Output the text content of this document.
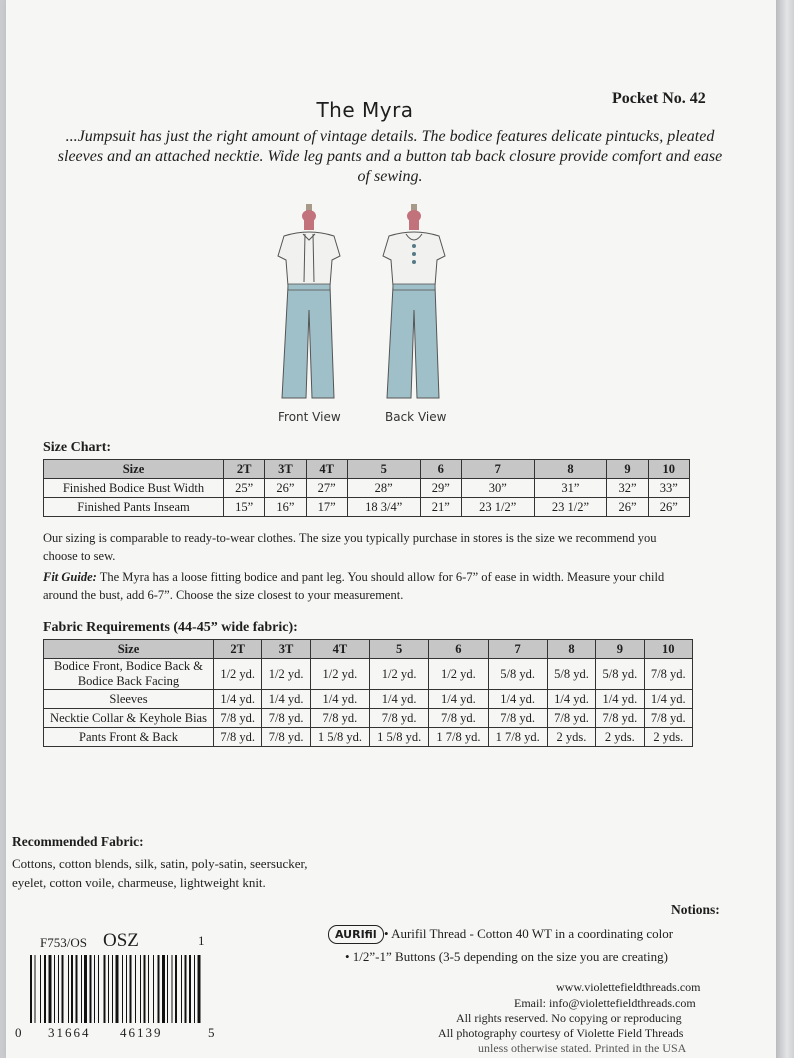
The Myra	Pocket No. 42
...Jumpsuit has just the right amount of vintage details. The bodice features delicate pintucks, pleated sleeves and an attached necktie. Wide leg pants and a button tab back closure provide comfort and ease of sewing.
Front View	Back View
Size Chart:
Size	2T	3T	4T	5	6	7	8	9	10
Finished Bodice Bust Width	25”	26”	27”	28”	29”	30”	31”	32”	33”
Finished Pants Inseam	15”	16”	17”	18 3/4”	21”	23 1/2”	23 1/2”	26”	26”
Our sizing is comparable to ready-to-wear clothes. The size you typically purchase in stores is the size we recommend you choose to sew.
Fit Guide: The Myra has a loose fitting bodice and pant leg. You should allow for 6-7” of ease in width. Measure your child around the bust, add 6-7”. Choose the size closest to your measurement.
Fabric Requirements (44-45” wide fabric):
Size	2T	3T	4T	5	6	7	8	9	10
Bodice Front, Bodice Back & Bodice Back Facing	1/2 yd.	1/2 yd.	1/2 yd.	1/2 yd.	1/2 yd.	5/8 yd.	5/8 yd.	5/8 yd.	7/8 yd.
Sleeves	1/4 yd.	1/4 yd.	1/4 yd.	1/4 yd.	1/4 yd.	1/4 yd.	1/4 yd.	1/4 yd.	1/4 yd.
Necktie Collar & Keyhole Bias	7/8 yd.	7/8 yd.	7/8 yd.	7/8 yd.	7/8 yd.	7/8 yd.	7/8 yd.	7/8 yd.	7/8 yd.
Pants Front & Back	7/8 yd.	7/8 yd.	1 5/8 yd.	1 5/8 yd.	1 7/8 yd.	1 7/8 yd.	2 yds.	2 yds.	2 yds.
Recommended Fabric:
Cottons, cotton blends, silk, satin, poly-satin, seersucker,
eyelet, cotton voile, charmeuse, lightweight knit.
Notions:
AURIfil • Aurifil Thread - Cotton 40 WT in a coordinating color
• 1/2”-1” Buttons (3-5 depending on the size you are creating)
F753/OS OSZ	1
0 31664 46139	5
www.violettefieldthreads.com
Email: info@violettefieldthreads.com
All rights reserved. No copying or reproducing
All photography courtesy of Violette Field Threads
unless otherwise stated. Printed in the USA
